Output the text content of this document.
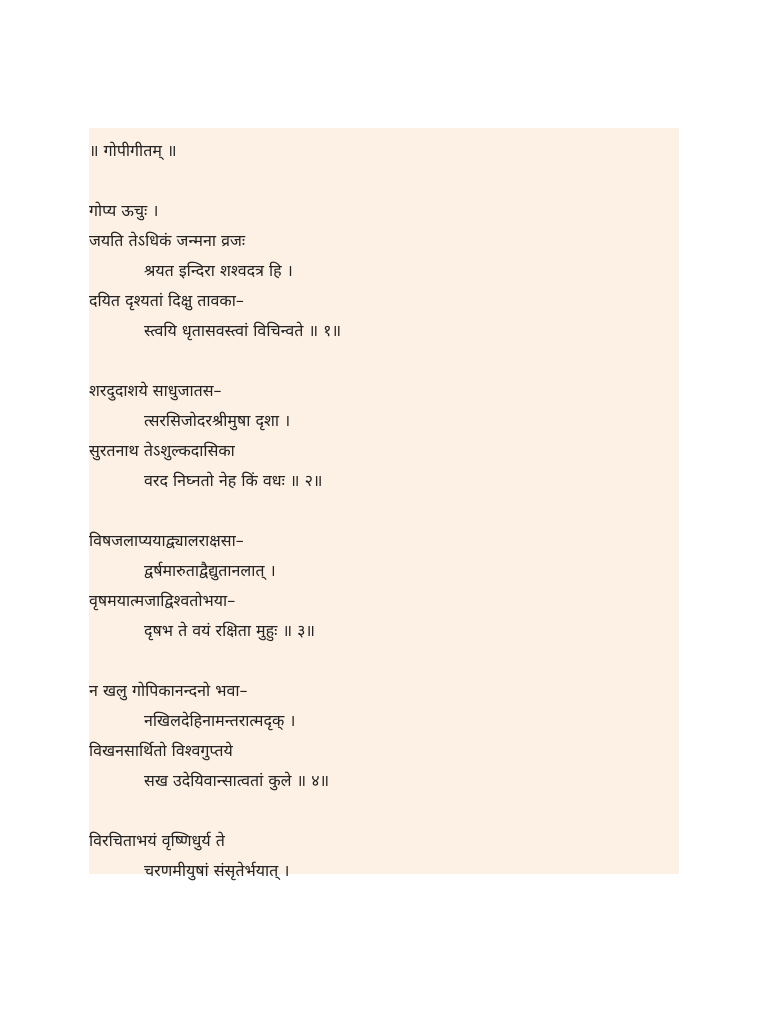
॥ गोपीगीतम् ॥
गोप्य ऊचुः ।
जयति तेऽधिकं जन्मना व्रजः
श्रयत इन्दिरा शश्वदत्र हि ।
दयित दृश्यतां दिक्षु तावका–
स्त्वयि धृतासवस्त्वां विचिन्वते ॥ १॥
शरदुदाशये साधुजातस–
त्सरसिजोदरश्रीमुषा दृशा ।
सुरतनाथ तेऽशुल्कदासिका
वरद निघ्नतो नेह किं वधः ॥ २॥
विषजलाप्ययाद्व्यालराक्षसा–
द्वर्षमारुताद्वैद्युतानलात् ।
वृषमयात्मजाद्विश्वतोभया–
दृषभ ते वयं रक्षिता मुहुः ॥ ३॥
न खलु गोपिकानन्दनो भवा–
नखिलदेहिनामन्तरात्मदृक् ।
विखनसार्थितो विश्वगुप्तये
सख उदेयिवान्सात्वतां कुले ॥ ४॥
विरचिताभयं वृष्णिधुर्य ते
चरणमीयुषां संसृतेर्भयात् ।
